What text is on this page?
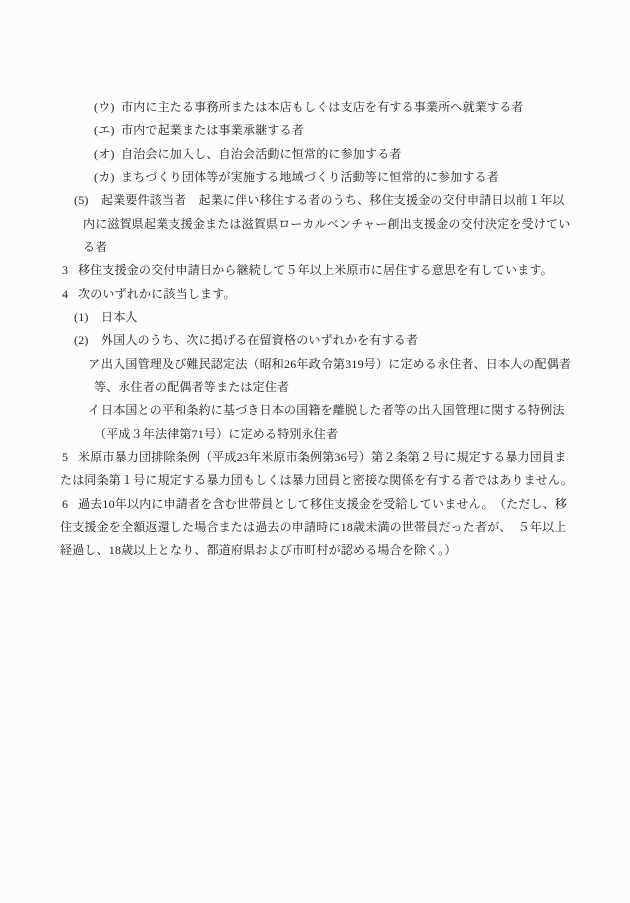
(ウ) 市内に主たる事務所または本店もしくは支店を有する事業所へ就業する者
(エ) 市内で起業または事業承継する者
(オ) 自治会に加入し、自治会活動に恒常的に参加する者
(カ) まちづくり団体等が実施する地域づくり活動等に恒常的に参加する者
(5) 起業要件該当者　起業に伴い移住する者のうち、移住支援金の交付申請日以前１年以
内に滋賀県起業支援金または滋賀県ローカルベンチャー創出支援金の交付決定を受けてい
る者
3 移住支援金の交付申請日から継続して５年以上米原市に居住する意思を有しています。
4 次のいずれかに該当します。
(1) 日本人
(2) 外国人のうち、次に掲げる在留資格のいずれかを有する者
ア 出入国管理及び難民認定法（昭和26年政令第319号）に定める永住者、日本人の配偶者
等、永住者の配偶者等または定住者
イ 日本国との平和条約に基づき日本の国籍を離脱した者等の出入国管理に関する特例法
（平成３年法律第71号）に定める特別永住者
5 米原市暴力団排除条例（平成23年米原市条例第36号）第２条第２号に規定する暴力団員ま
たは同条第１号に規定する暴力団もしくは暴力団員と密接な関係を有する者ではありません。
6 過去10年以内に申請者を含む世帯員として移住支援金を受給していません。　（ただし、移
住支援金を全額返還した場合または過去の申請時に18歳未満の世帯員だった者が、　５年以上
経過し、18歳以上となり、都道府県および市町村が認める場合を除く。）
